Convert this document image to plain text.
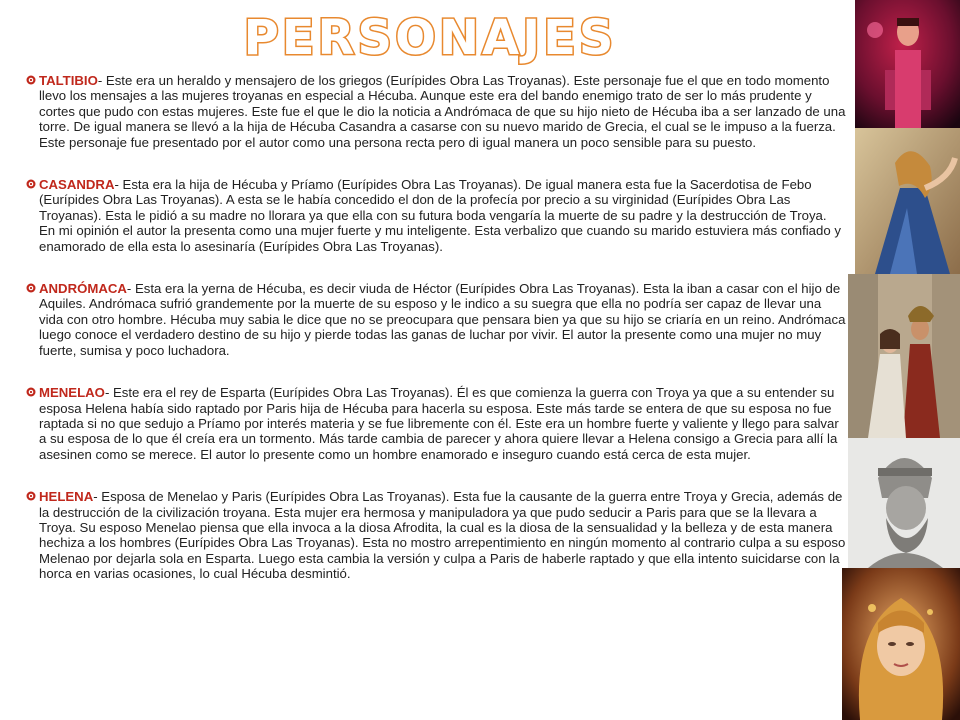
PERSONAJES
TALTIBIO- Este era un heraldo y mensajero de los griegos (Eurípides Obra Las Troyanas). Este personaje fue el que en todo momento llevo los mensajes a las mujeres troyanas en especial a Hécuba. Aunque este era del bando enemigo trato de ser lo más prudente y cortes que pudo con estas mujeres. Este fue el que le dio la noticia a Andrómaca de que su hijo nieto de Hécuba iba a ser lanzado de una torre. De igual manera se llevó a la hija de Hécuba Casandra a casarse con su nuevo marido de Grecia, el cual se le impuso a la fuerza. Este personaje fue presentado por el autor como una persona recta pero di igual manera un poco sensible para su puesto.
CASANDRA- Esta era la hija de Hécuba y Príamo (Eurípides Obra Las Troyanas). De igual manera esta fue la Sacerdotisa de Febo (Eurípides Obra Las Troyanas). A esta se le había concedido el don de la profecía por precio a su virginidad (Eurípides Obra Las Troyanas). Esta le pidió a su madre no llorara ya que ella con su futura boda vengaría la muerte de su padre y la destrucción de Troya. En mi opinión el autor la presenta como una mujer fuerte y mu inteligente. Esta verbalizo que cuando su marido estuviera más confiado y enamorado de ella esta lo asesinaría (Eurípides Obra Las Troyanas).
ANDRÓMACA- Esta era la yerna de Hécuba, es decir viuda de Héctor (Eurípides Obra Las Troyanas). Esta la iban a casar con el hijo de Aquiles. Andrómaca sufrió grandemente por la muerte de su esposo y le indico a su suegra que ella no podría ser capaz de llevar una vida con otro hombre. Hécuba muy sabia le dice que no se preocupara que pensara bien ya que su hijo se criaría en un reino. Andrómaca luego conoce el verdadero destino de su hijo y pierde todas las ganas de luchar por vivir. El autor la presente como una mujer no muy fuerte, sumisa y poco luchadora.
MENELAO- Este era el rey de Esparta (Eurípides Obra Las Troyanas). Él es que comienza la guerra con Troya ya que a su entender su esposa Helena había sido raptado por Paris hija de Hécuba para hacerla su esposa. Este más tarde se entera de que su esposa no fue raptada si no que sedujo a Príamo por interés materia y se fue libremente con él. Este era un hombre fuerte y valiente y llego para salvar a su esposa de lo que él creía era un tormento. Más tarde cambia de parecer y ahora quiere llevar a Helena consigo a Grecia para allí la asesinen como se merece. El autor lo presente como un hombre enamorado e inseguro cuando está cerca de esta mujer.
HELENA- Esposa de Menelao y Paris (Eurípides Obra Las Troyanas). Esta fue la causante de la guerra entre Troya y Grecia, además de la destrucción de la civilización troyana. Esta mujer era hermosa y manipuladora ya que pudo seducir a Paris para que se la llevara a Troya. Su esposo Menelao piensa que ella invoca a la diosa Afrodita, la cual es la diosa de la sensualidad y la belleza y de esta manera hechiza a los hombres (Eurípides Obra Las Troyanas). Esta no mostro arrepentimiento en ningún momento al contrario culpa a su esposo Melenao por dejarla sola en Esparta. Luego esta cambia la versión y culpa a Paris de haberle raptado y que ella intento suicidarse con la horca en varias ocasiones, lo cual Hécuba desmintió.
